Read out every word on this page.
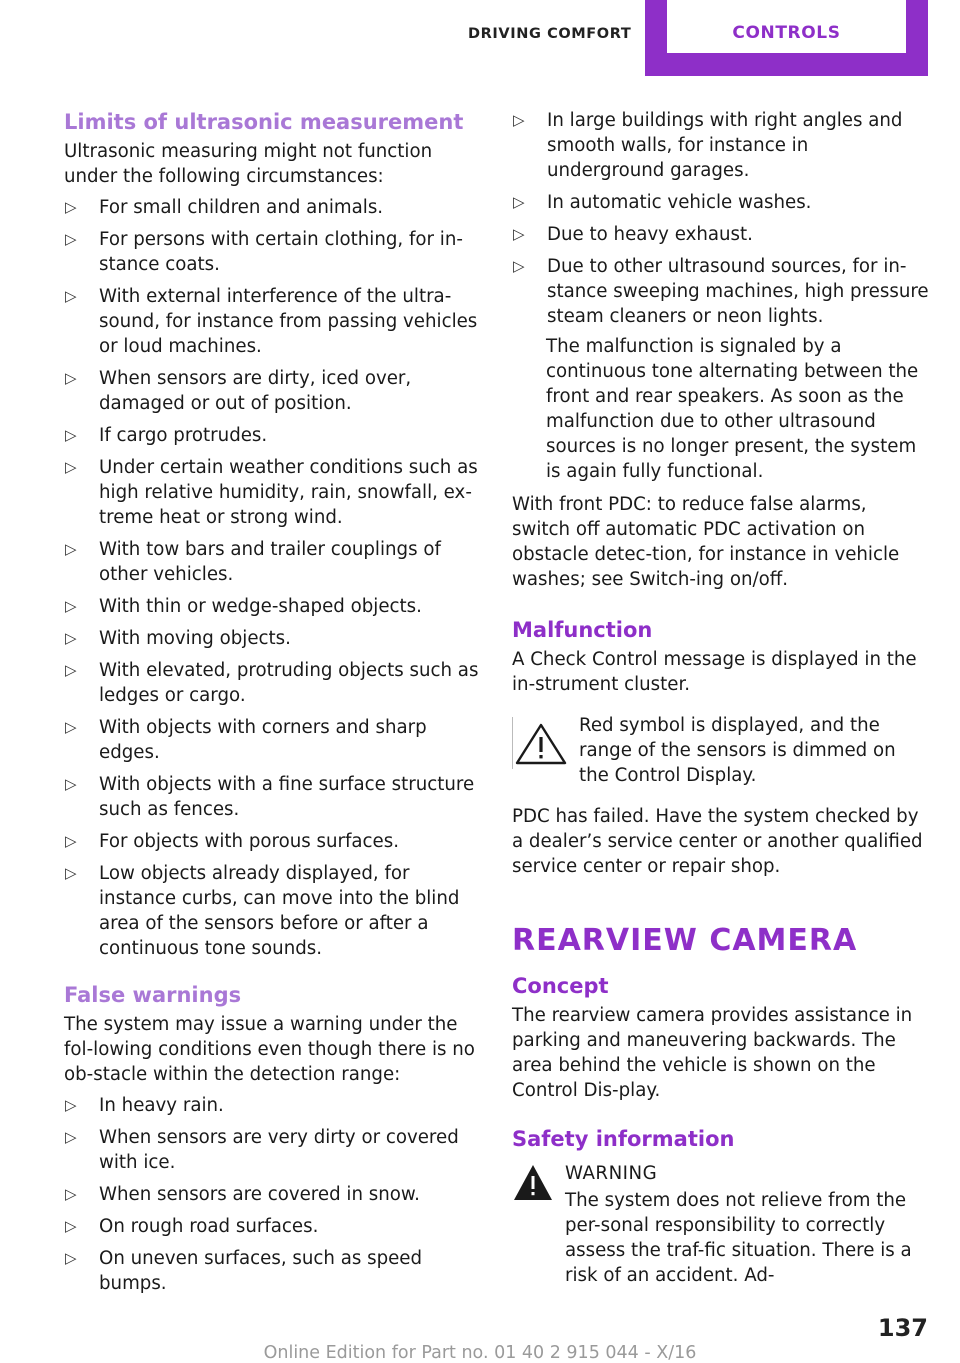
DRIVING COMFORT	CONTROLS
Limits of ultrasonic measurement

Ultrasonic measuring might not function under the following circumstances:

▷ For small children and animals.
▷ For persons with certain clothing, for in-stance coats.
▷ With external interference of the ultra-sound, for instance from passing vehicles or loud machines.
▷ When sensors are dirty, iced over, damaged or out of position.
▷ If cargo protrudes.
▷ Under certain weather conditions such as high relative humidity, rain, snowfall, ex-treme heat or strong wind.
▷ With tow bars and trailer couplings of other vehicles.
▷ With thin or wedge-shaped objects.
▷ With moving objects.
▷ With elevated, protruding objects such as ledges or cargo.
▷ With objects with corners and sharp edges.
▷ With objects with a fine surface structure such as fences.
▷ For objects with porous surfaces.
▷ Low objects already displayed, for instance curbs, can move into the blind area of the sensors before or after a continuous tone sounds.
False warnings

The system may issue a warning under the fol-lowing conditions even though there is no ob-stacle within the detection range:

▷ In heavy rain.
▷ When sensors are very dirty or covered with ice.
▷ When sensors are covered in snow.
▷ On rough road surfaces.
▷ On uneven surfaces, such as speed bumps.
▷ In large buildings with right angles and smooth walls, for instance in underground garages.
▷ In automatic vehicle washes.
▷ Due to heavy exhaust.
▷ Due to other ultrasound sources, for in-stance sweeping machines, high pressure steam cleaners or neon lights.

The malfunction is signaled by a continuous tone alternating between the front and rear speakers. As soon as the malfunction due to other ultrasound sources is no longer present, the system is again fully functional.

With front PDC: to reduce false alarms, switch off automatic PDC activation on obstacle detec-tion, for instance in vehicle washes; see Switch-ing on/off.

Malfunction

A Check Control message is displayed in the in-strument cluster.

Red symbol is displayed, and the range of the sensors is dimmed on the Control Display.

PDC has failed. Have the system checked by a dealer’s service center or another qualified service center or repair shop.

REARVIEW CAMERA
Concept

The rearview camera provides assistance in parking and maneuvering backwards. The area behind the vehicle is shown on the Control Dis-play.

Safety information

WARNING

The system does not relieve from the per-sonal responsibility to correctly assess the traf-fic situation. There is a risk of an accident. Ad-

137
Online Edition for Part no. 01 40 2 915 044 - X/16
